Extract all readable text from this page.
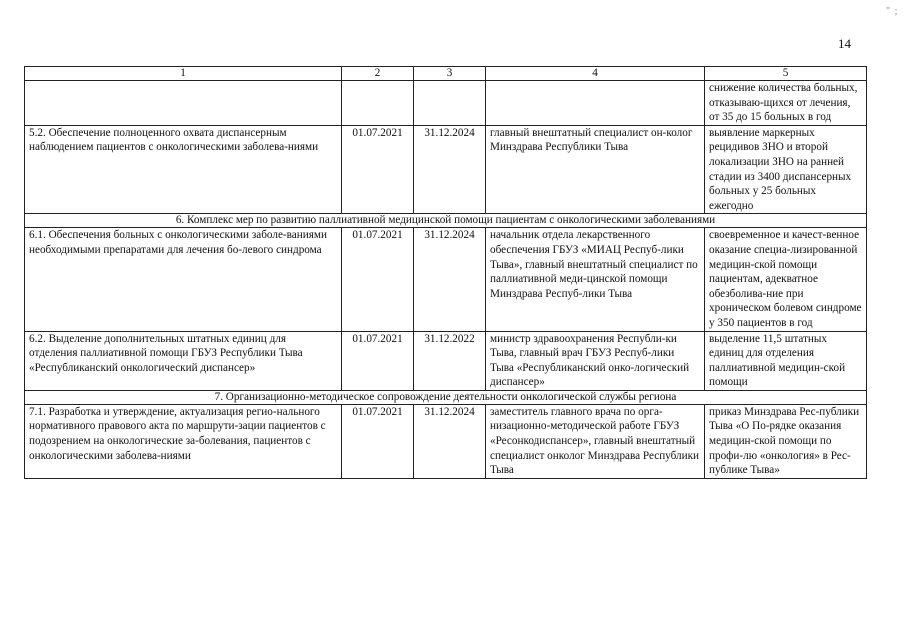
14
" ;
1	2	3	4	5
				снижение количества больных, отказываю-щихся от лечения, от 35 до 15 больных в год
5.2. Обеспечение полноценного охвата диспансерным наблюдением пациентов с онкологическими заболева-ниями	01.07.2021	31.12.2024	главный внештатный специалист он-колог Минздрава Республики Тыва	выявление маркерных рецидивов ЗНО и второй локализации ЗНО на ранней стадии из 3400 диспансерных больных у 25 больных ежегодно
6. Комплекс мер по развитию паллиативной медицинской помощи пациентам с онкологическими заболеваниями				
6.1. Обеспечения больных с онкологическими заболе-ваниями необходимыми препаратами для лечения бо-левого синдрома	01.07.2021	31.12.2024	начальник отдела лекарственного обеспечения ГБУЗ «МИАЦ Респуб-лики Тыва», главный внештатный специалист по паллиативной меди-цинской помощи Минздрава Респуб-лики Тыва	своевременное и качест-венное оказание специа-лизированной медицин-ской помощи пациентам, адекватное обезболива-ние при хроническом болевом синдроме у 350 пациентов в год
6.2. Выделение дополнительных штатных единиц для отделения паллиативной помощи ГБУЗ Республики Тыва «Республиканский онкологический диспансер»	01.07.2021	31.12.2022	министр здравоохранения Республи-ки Тыва, главный врач ГБУЗ Респуб-лики Тыва «Республиканский онко-логический диспансер»	выделение 11,5 штатных единиц для отделения паллиативной медицин-ской помощи
7. Организационно-методическое сопровождение деятельности онкологической службы региона				
7.1. Разработка и утверждение, актуализация регио-нального нормативного правового акта по маршрути-зации пациентов с подозрением на онкологические за-болевания, пациентов с онкологическими заболева-ниями	01.07.2021	31.12.2024	заместитель главного врача по орга-низационно-методической работе ГБУЗ «Ресонкодиспансер», главный внештатный специалист онколог Минздрава Республики Тыва	приказ Минздрава Рес-публики Тыва «О По-рядке оказания медицин-ской помощи по профи-лю «онкология» в Рес-публике Тыва»
